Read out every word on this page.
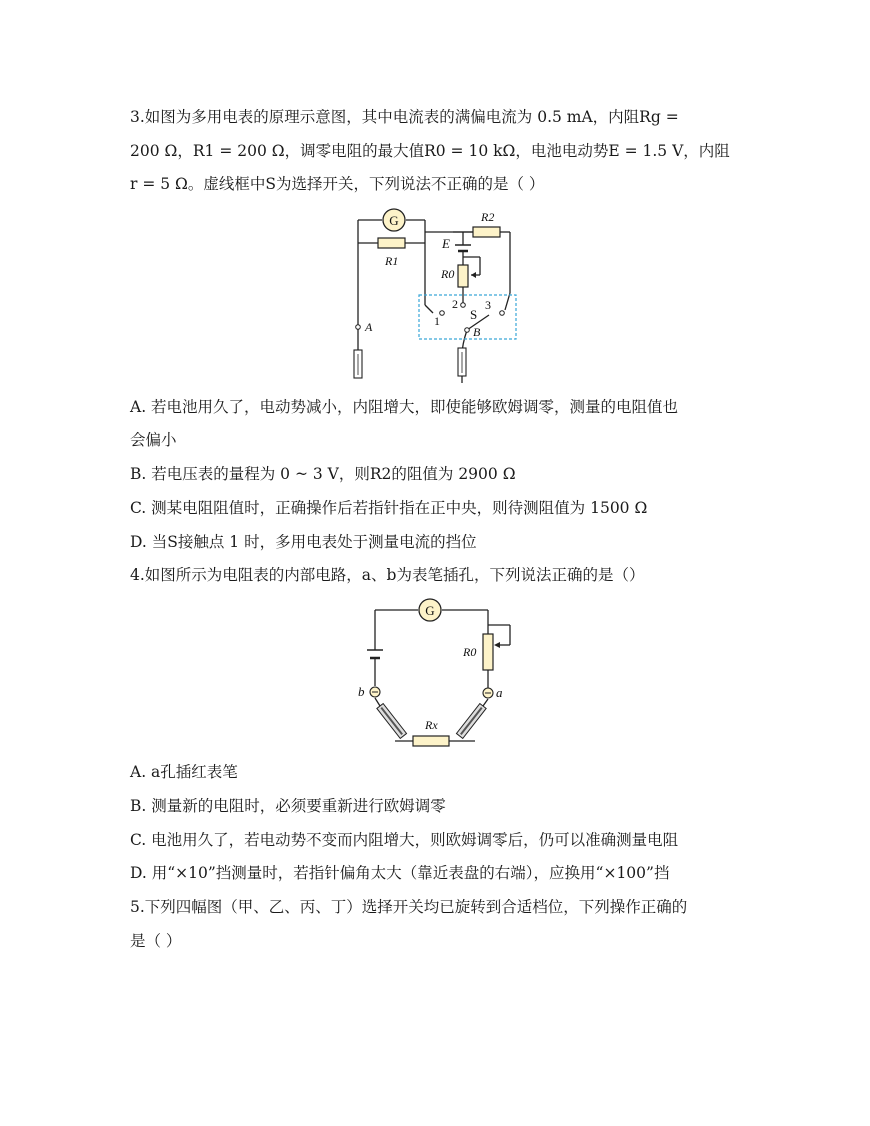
3.如图为多用电表的原理示意图，其中电流表的满偏电流为 0.5 mA，内阻Rg =
200 Ω，R1 = 200 Ω，调零电阻的最大值R0 = 10 kΩ，电池电动势E = 1.5 V，内阻
r = 5 Ω。虚线框中S为选择开关，下列说法不正确的是（ ）
G
R1
R2
E
R0
2
1
3
S
B
A
A. 若电池用久了，电动势减小，内阻增大，即使能够欧姆调零，测量的电阻值也
会偏小
B. 若电压表的量程为 0 ~ 3 V，则R2的阻值为 2900 Ω
C. 测某电阻阻值时，正确操作后若指针指在正中央，则待测阻值为 1500 Ω
D. 当S接触点 1 时，多用电表处于测量电流的挡位
4.如图所示为电阻表的内部电路，a、b为表笔插孔，下列说法正确的是（）
G
R0
b	a
Rx
A. a孔插红表笔
B. 测量新的电阻时，必须要重新进行欧姆调零
C. 电池用久了，若电动势不变而内阻增大，则欧姆调零后，仍可以准确测量电阻
D. 用“×10”挡测量时，若指针偏角太大（靠近表盘的右端），应换用“×100”挡
5.下列四幅图（甲、乙、丙、丁）选择开关均已旋转到合适档位，下列操作正确的
是（ ）
